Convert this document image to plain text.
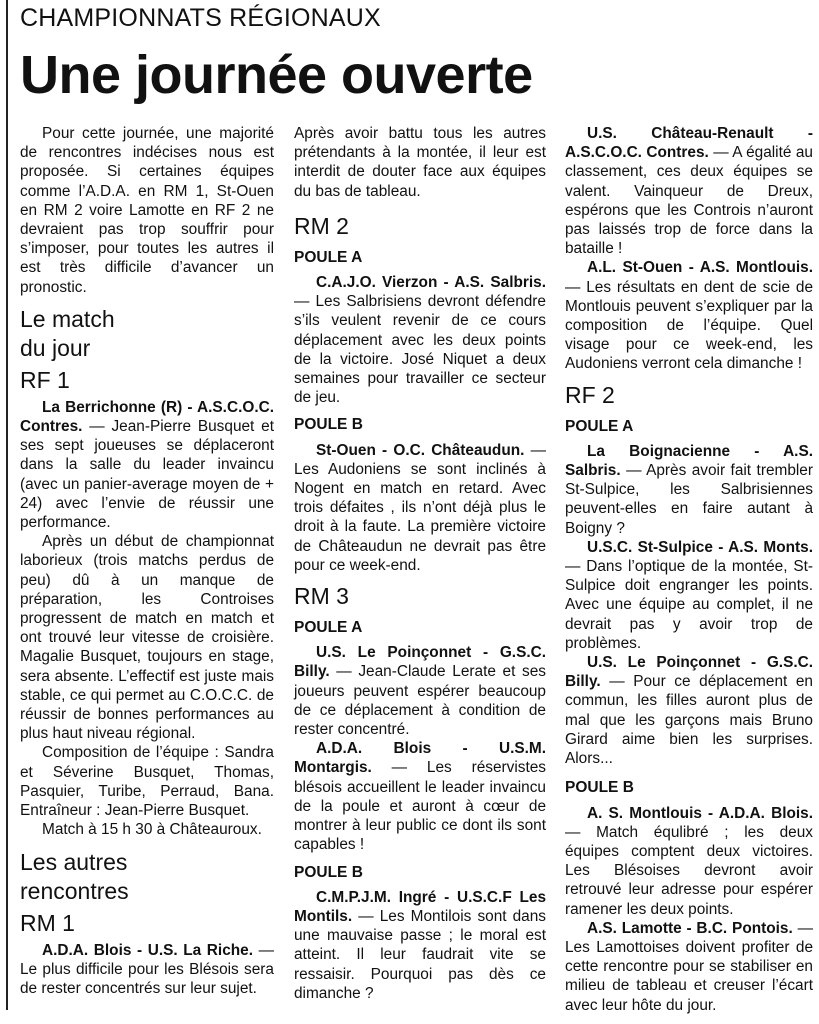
CHAMPIONNATS RÉGIONAUX
Une journée ouverte

Pour cette journée, une majorité de rencontres indécises nous est proposée. Si certaines équipes comme l’A.D.A. en RM 1, St-Ouen en RM 2 voire Lamotte en RF 2 ne devraient pas trop souffrir pour s’imposer, pour toutes les autres il est très difficile d’avancer un pronostic.

Le match
du jour
RF 1

La Berrichonne (R) - A.S.C.O.C. Contres. — Jean-Pierre Busquet et ses sept joueuses se déplaceront dans la salle du leader invaincu (avec un panier-average moyen de + 24) avec l’envie de réussir une performance.

Après un début de championnat laborieux (trois matchs perdus de peu) dû à un manque de préparation, les Controises progressent de match en match et ont trouvé leur vitesse de croisière. Magalie Busquet, toujours en stage, sera absente. L’effectif est juste mais stable, ce qui permet au C.O.C.C. de réussir de bonnes performances au plus haut niveau régional.

Composition de l’équipe : Sandra et Séverine Busquet, Thomas, Pasquier, Turibe, Perraud, Bana. Entraîneur : Jean-Pierre Busquet.

Match à 15 h 30 à Châteauroux.

Les autres
rencontres
RM 1

A.D.A. Blois - U.S. La Riche. — Le plus difficile pour les Blésois sera de rester concentrés sur leur sujet.

Après avoir battu tous les autres prétendants à la montée, il leur est interdit de douter face aux équipes du bas de tableau.

RM 2
POULE A

C.A.J.O. Vierzon - A.S. Salbris. — Les Salbrisiens devront défendre s’ils veulent revenir de ce cours déplacement avec les deux points de la victoire. José Niquet a deux semaines pour travailler ce secteur de jeu.

POULE B

St-Ouen - O.C. Châteaudun. — Les Audoniens se sont inclinés à Nogent en match en retard. Avec trois défaites , ils n’ont déjà plus le droit à la faute. La première victoire de Châteaudun ne devrait pas être pour ce week-end.

RM 3
POULE A

U.S. Le Poinçonnet - G.S.C. Billy. — Jean-Claude Lerate et ses joueurs peuvent espérer beaucoup de ce déplacement à condition de rester concentré.

A.D.A. Blois - U.S.M. Montargis. — Les réservistes blésois accueillent le leader invaincu de la poule et auront à cœur de montrer à leur public ce dont ils sont capables !

POULE B

C.M.P.J.M. Ingré - U.S.C.F Les Montils. — Les Montilois sont dans une mauvaise passe ; le moral est atteint. Il leur faudrait vite se ressaisir. Pourquoi pas dès ce dimanche ?

U.S. Château-Renault - A.S.C.O.C. Contres. — A égalité au classement, ces deux équipes se valent. Vainqueur de Dreux, espérons que les Controis n’auront pas laissés trop de force dans la bataille !

A.L. St-Ouen - A.S. Montlouis. — Les résultats en dent de scie de Montlouis peuvent s’expliquer par la composition de l’équipe. Quel visage pour ce week-end, les Audoniens verront cela dimanche !

RF 2
POULE A

La Boignacienne - A.S. Salbris. — Après avoir fait trembler St-Sulpice, les Salbrisiennes peuvent-elles en faire autant à Boigny ?

U.S.C. St-Sulpice - A.S. Monts. — Dans l’optique de la montée, St-Sulpice doit engranger les points. Avec une équipe au complet, il ne devrait pas y avoir trop de problèmes.

U.S. Le Poinçonnet - G.S.C. Billy. — Pour ce déplacement en commun, les filles auront plus de mal que les garçons mais Bruno Girard aime bien les surprises. Alors...

POULE B

A. S. Montlouis - A.D.A. Blois. — Match équlibré ; les deux équipes comptent deux victoires. Les Blésoises devront avoir retrouvé leur adresse pour espérer ramener les deux points.

A.S. Lamotte - B.C. Pontois. — Les Lamottoises doivent profiter de cette rencontre pour se stabiliser en milieu de tableau et creuser l’écart avec leur hôte du jour.
